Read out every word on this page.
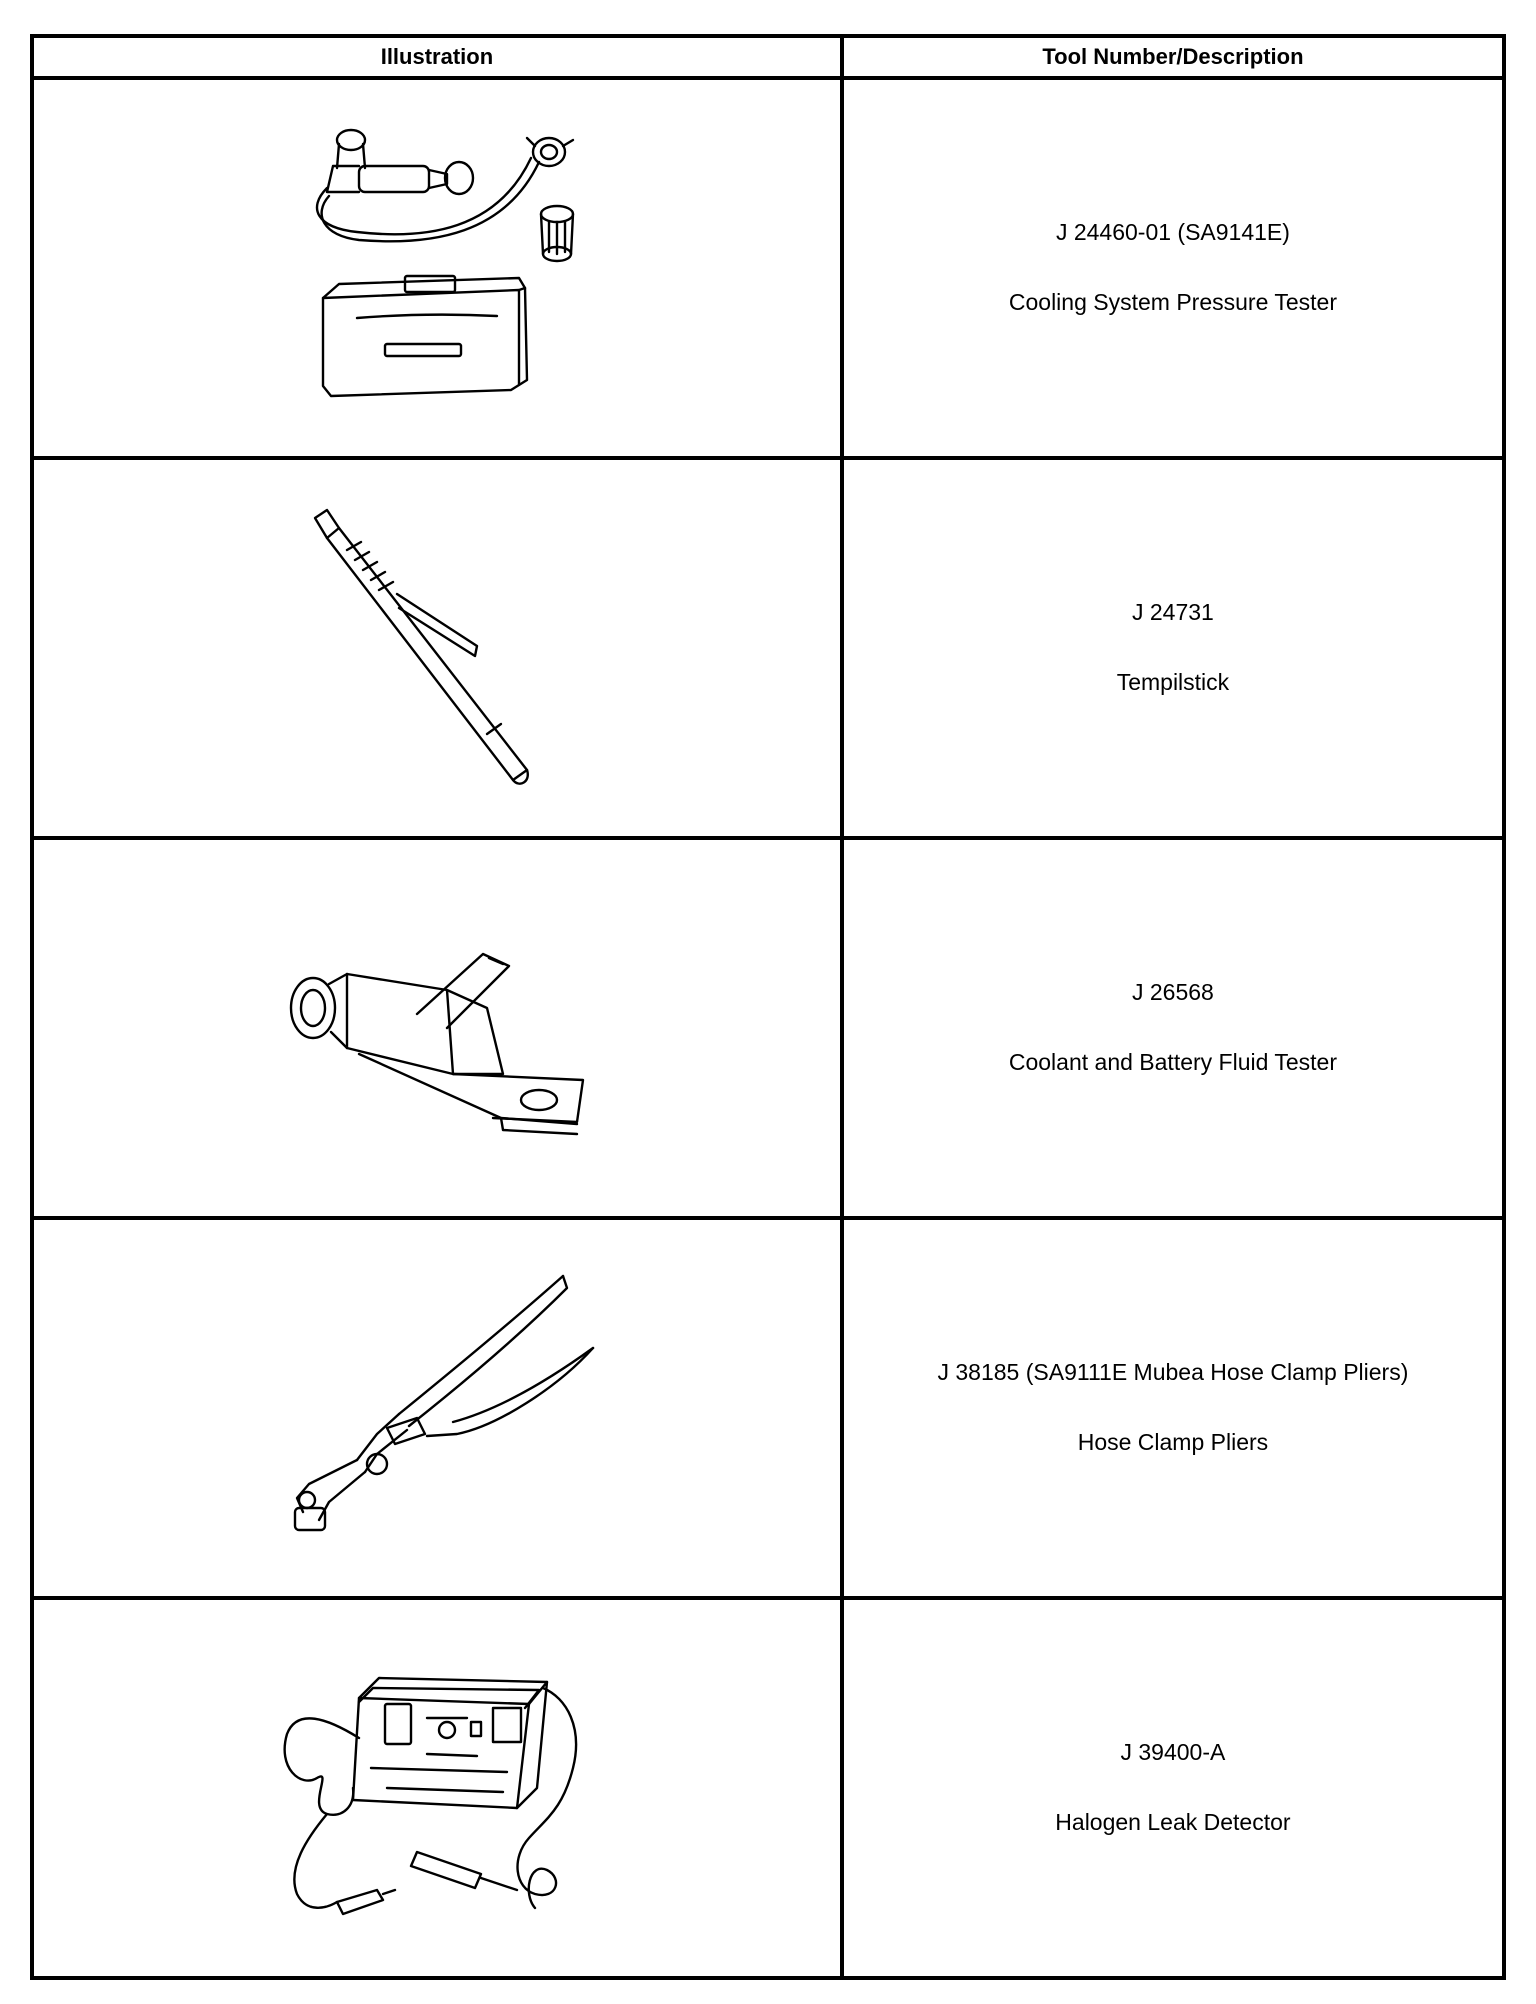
Illustration	Tool Number/Description

J 24460-01 (SA9141E)
Cooling System Pressure Tester

J 24731
Tempilstick

J 26568
Coolant and Battery Fluid Tester

J 38185 (SA9111E Mubea Hose Clamp Pliers)
Hose Clamp Pliers

J 39400-A
Halogen Leak Detector
